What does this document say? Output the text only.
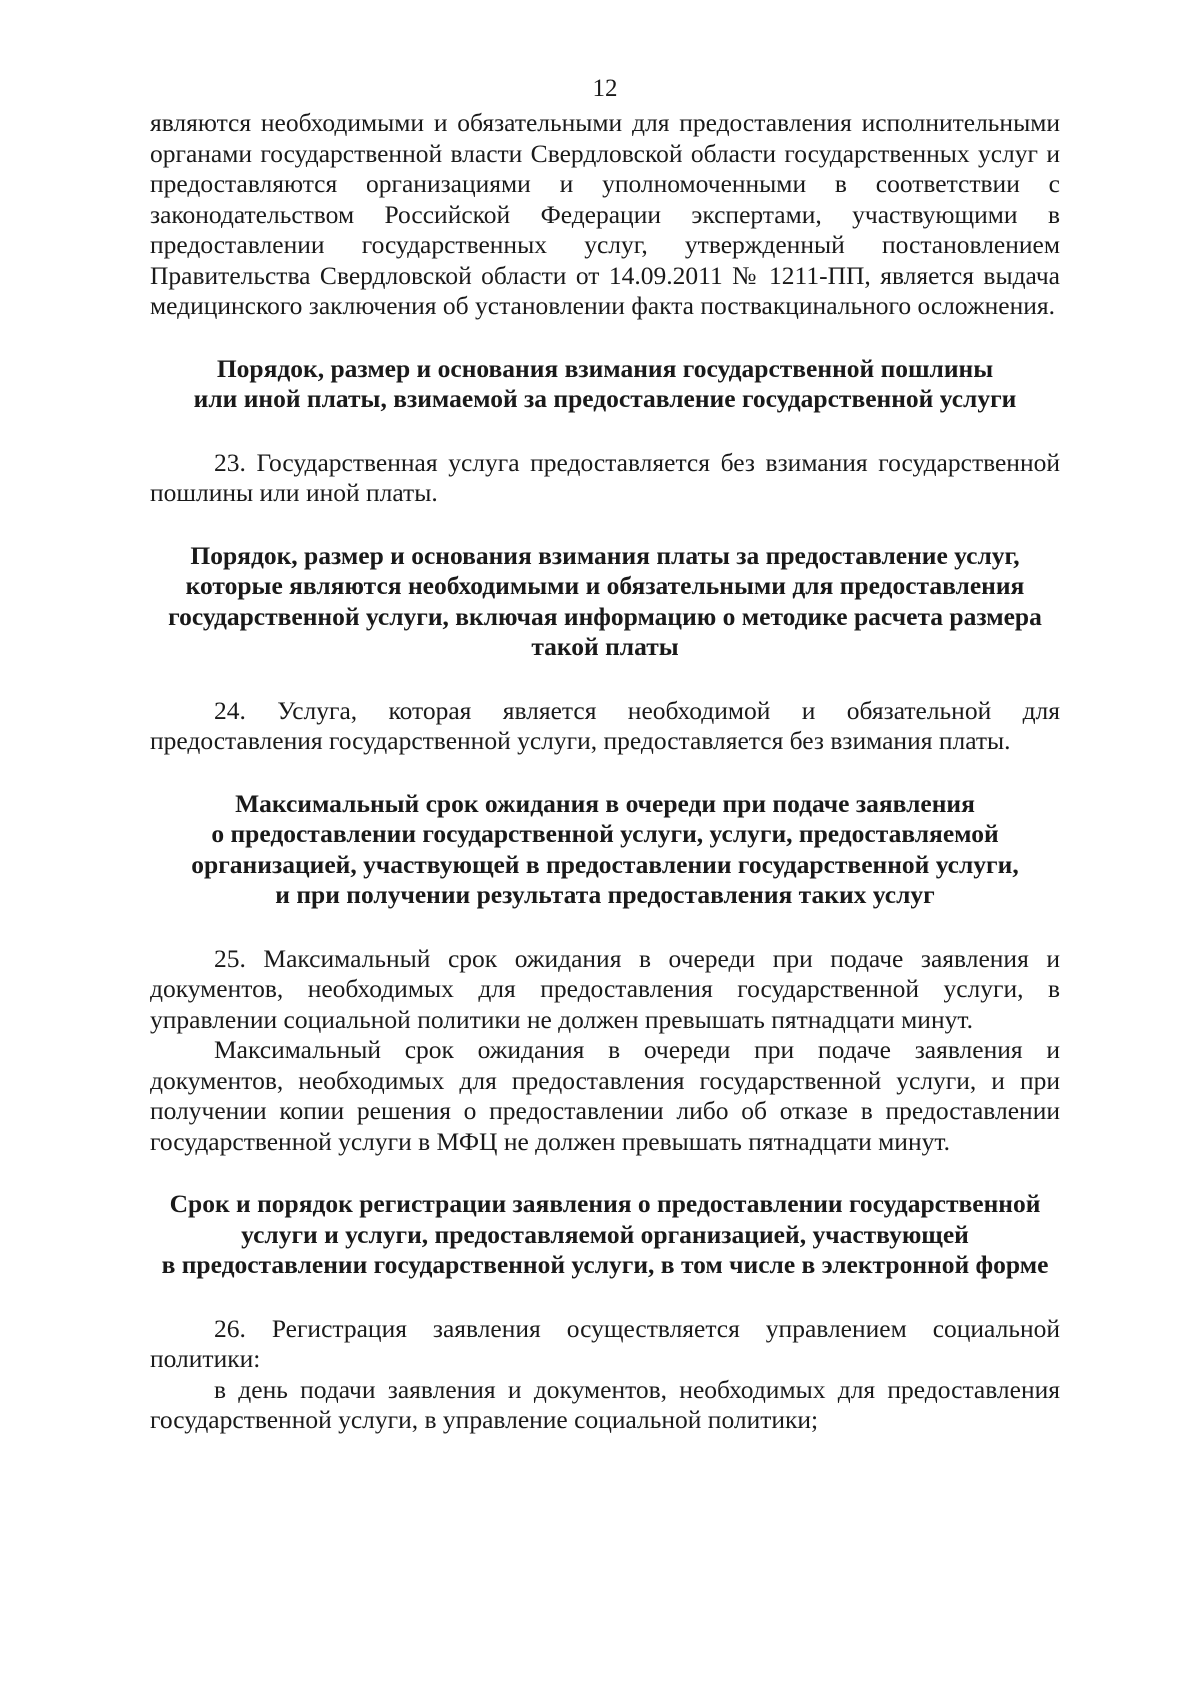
12

являются необходимыми и обязательными для предоставления исполнительными органами государственной власти Свердловской области государственных услуг и предоставляются организациями и уполномоченными в соответствии с законодательством Российской Федерации экспертами, участвующими в предоставлении государственных услуг, утвержденный постановлением Правительства Свердловской области от 14.09.2011 № 1211-ПП, является выдача медицинского заключения об установлении факта поствакцинального осложнения.

Порядок, размер и основания взимания государственной пошлины
или иной платы, взимаемой за предоставление государственной услуги

23. Государственная услуга предоставляется без взимания государственной пошлины или иной платы.

Порядок, размер и основания взимания платы за предоставление услуг,
которые являются необходимыми и обязательными для предоставления
государственной услуги, включая информацию о методике расчета размера
такой платы

24. Услуга, которая является необходимой и обязательной для предоставления государственной услуги, предоставляется без взимания платы.

Максимальный срок ожидания в очереди при подаче заявления
о предоставлении государственной услуги, услуги, предоставляемой
организацией, участвующей в предоставлении государственной услуги,
и при получении результата предоставления таких услуг

25. Максимальный срок ожидания в очереди при подаче заявления и документов, необходимых для предоставления государственной услуги, в управлении социальной политики не должен превышать пятнадцати минут.

Максимальный срок ожидания в очереди при подаче заявления и документов, необходимых для предоставления государственной услуги, и при получении копии решения о предоставлении либо об отказе в предоставлении государственной услуги в МФЦ не должен превышать пятнадцати минут.

Срок и порядок регистрации заявления о предоставлении государственной
услуги и услуги, предоставляемой организацией, участвующей
в предоставлении государственной услуги, в том числе в электронной форме

26. Регистрация заявления осуществляется управлением социальной политики:

в день подачи заявления и документов, необходимых для предоставления государственной услуги, в управление социальной политики;
